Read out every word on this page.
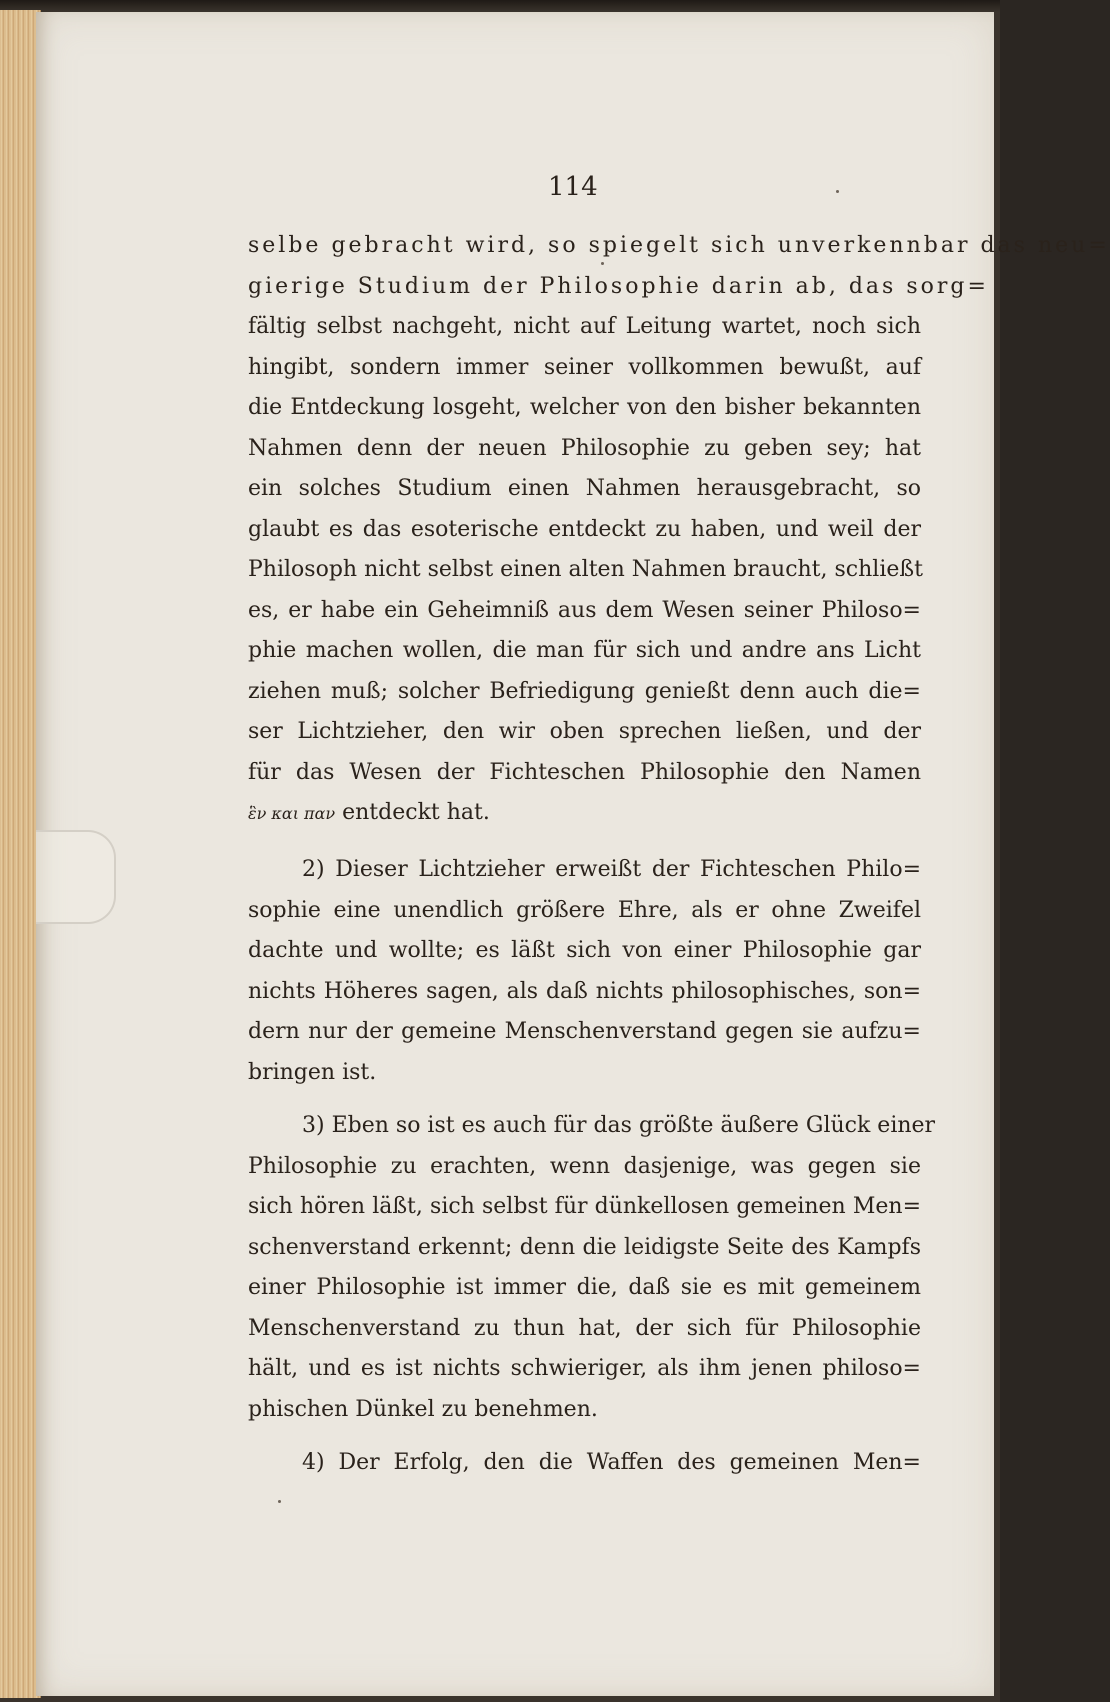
114
selbe gebracht wird, so spiegelt sich unverkennbar das neu=
gierige Studium der Philosophie darin ab, das sorg=
fältig selbst nachgeht, nicht auf Leitung wartet, noch sich
hingibt, sondern immer seiner vollkommen bewußt, auf
die Entdeckung losgeht, welcher von den bisher bekannten
Nahmen denn der neuen Philosophie zu geben sey; hat
ein solches Studium einen Nahmen herausgebracht, so
glaubt es das esoterische entdeckt zu haben, und weil der
Philosoph nicht selbst einen alten Nahmen braucht, schließt
es, er habe ein Geheimniß aus dem Wesen seiner Philoso=
phie machen wollen, die man für sich und andre ans Licht
ziehen muß; solcher Befriedigung genießt denn auch die=
ser Lichtzieher, den wir oben sprechen ließen, und der
für das Wesen der Fichteschen Philosophie den Namen
ἓν και παν entdeckt hat.
2) Dieser Lichtzieher erweißt der Fichteschen Philo=
sophie eine unendlich größere Ehre, als er ohne Zweifel
dachte und wollte; es läßt sich von einer Philosophie gar
nichts Höheres sagen, als daß nichts philosophisches, son=
dern nur der gemeine Menschenverstand gegen sie aufzu=
bringen ist.
3) Eben so ist es auch für das größte äußere Glück einer
Philosophie zu erachten, wenn dasjenige, was gegen sie
sich hören läßt, sich selbst für dünkellosen gemeinen Men=
schenverstand erkennt; denn die leidigste Seite des Kampfs
einer Philosophie ist immer die, daß sie es mit gemeinem
Menschenverstand zu thun hat, der sich für Philosophie
hält, und es ist nichts schwieriger, als ihm jenen philoso=
phischen Dünkel zu benehmen.
4) Der Erfolg, den die Waffen des gemeinen Men=
